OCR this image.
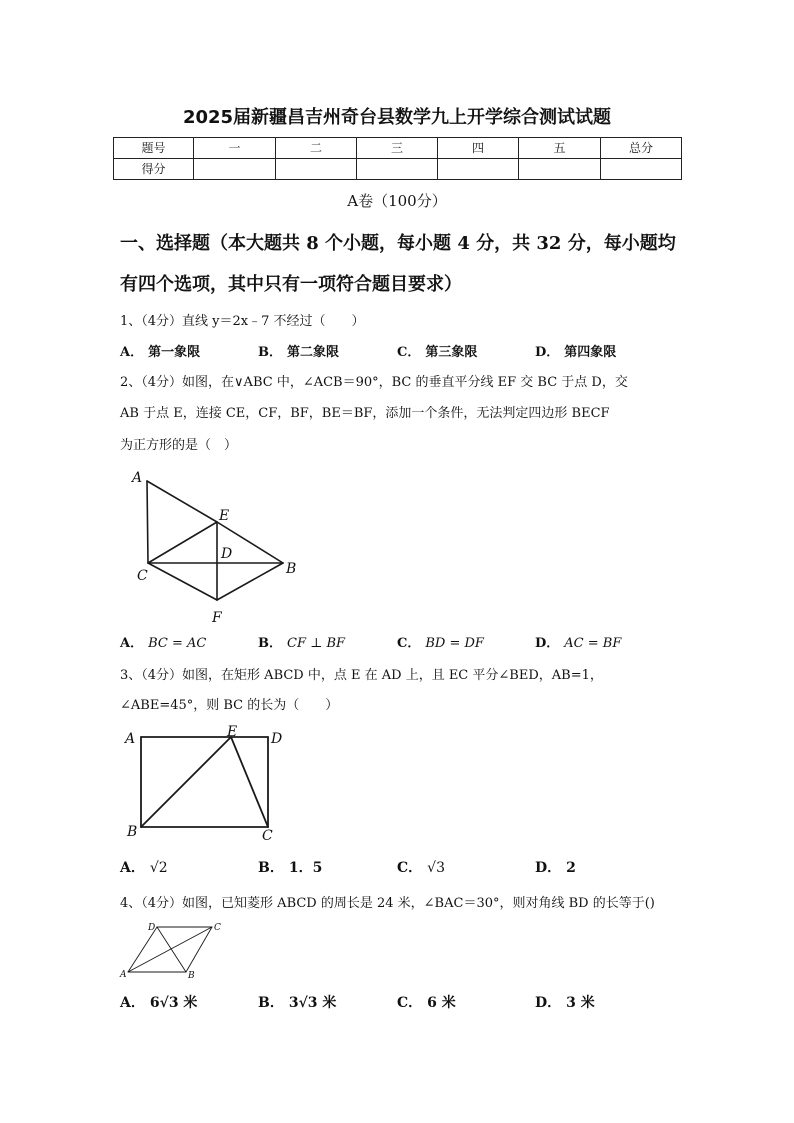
2025届新疆昌吉州奇台县数学九上开学综合测试试题
题号	一	二	三	四	五	总分
得分						
A卷（100分）
一、选择题（本大题共 8 个小题，每小题 4 分，共 32 分，每小题均
有四个选项，其中只有一项符合题目要求）
1、（4分）直线 y＝2x﹣7 不经过（　　）
A． 第一象限	B． 第二象限	C． 第三象限	D． 第四象限
2、（4分）如图，在∨ABC 中，∠ACB＝90°，BC 的垂直平分线 EF 交 BC 于点 D，交
AB 于点 E，连接 CE，CF，BF，BE＝BF，添加一个条件，无法判定四边形 BECF
为正方形的是（　）
A
E
D
C	B
F
A． BC = AC	B． CF ⊥ BF	C． BD = DF	D． AC = BF
3、（4分）如图，在矩形 ABCD 中，点 E 在 AD 上，且 EC 平分∠BED，AB=1，
∠ABE=45°，则 BC 的长为（　　）
A	E D
B	C
A． √2	B． 1．5	C． √3	D． 2
4、（4分）如图，已知菱形 ABCD 的周长是 24 米，∠BAC＝30°，则对角线 BD 的长等于()
D	C
A	B
A． 6√3 米	B． 3√3 米	C． 6 米	D． 3 米
